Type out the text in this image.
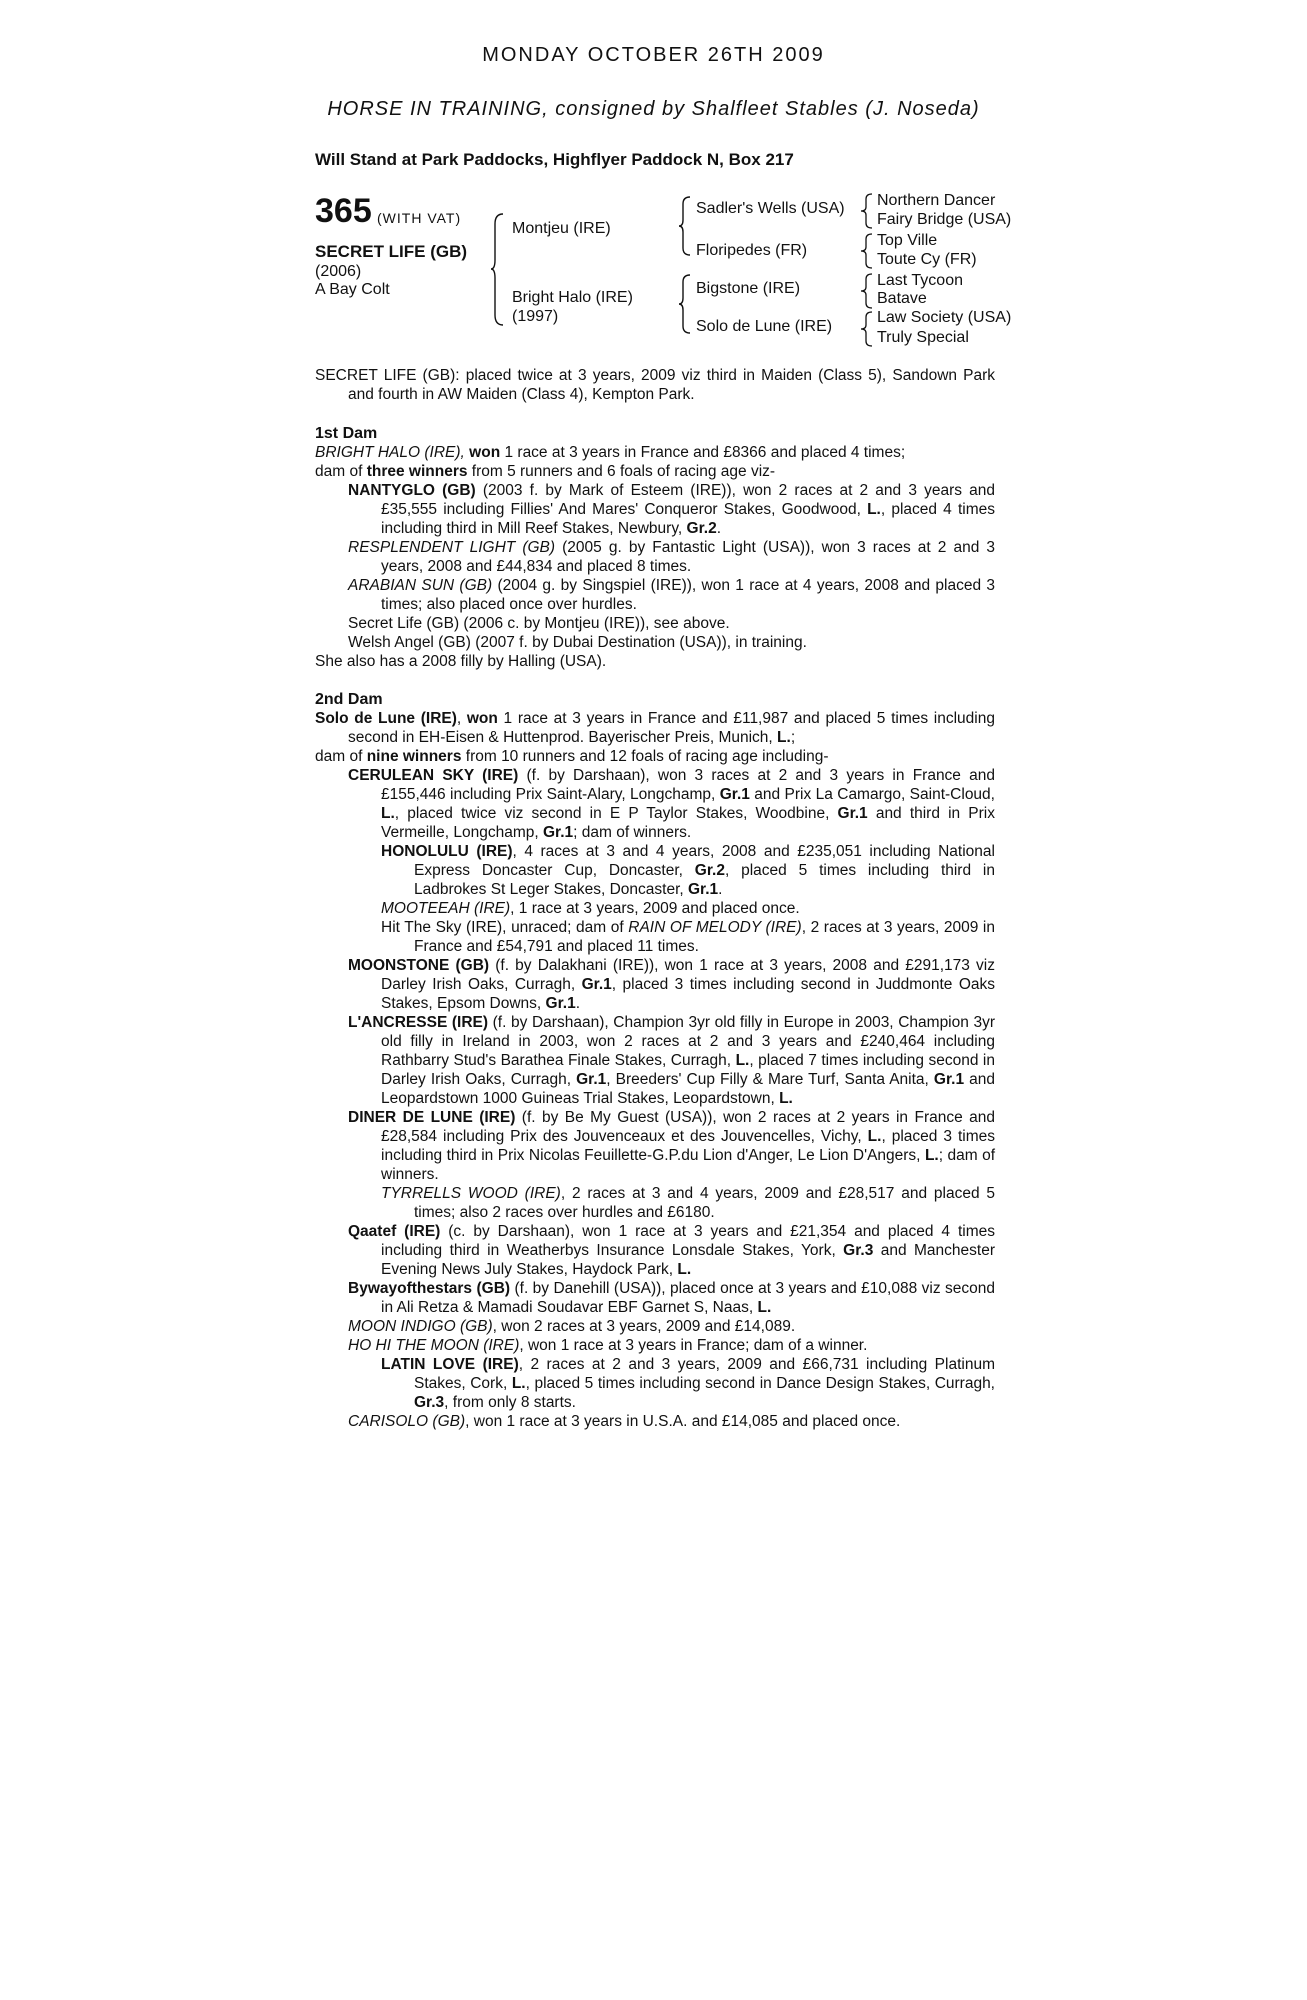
MONDAY OCTOBER 26TH 2009
HORSE IN TRAINING, consigned by Shalfleet Stables (J. Noseda)
Will Stand at Park Paddocks, Highflyer Paddock N, Box 217
365 (WITH VAT)
SECRET LIFE (GB)
(2006)
A Bay Colt
Montjeu (IRE)
Bright Halo (IRE)
(1997)
Sadler's Wells (USA)
Floripedes (FR)
Bigstone (IRE)
Solo de Lune (IRE)
Northern Dancer
Fairy Bridge (USA)
Top Ville
Toute Cy (FR)
Last Tycoon
Batave
Law Society (USA)
Truly Special

SECRET LIFE (GB): placed twice at 3 years, 2009 viz third in Maiden (Class 5), Sandown Park and fourth in AW Maiden (Class 4), Kempton Park.

1st Dam

BRIGHT HALO (IRE), won 1 race at 3 years in France and £8366 and placed 4 times;

dam of three winners from 5 runners and 6 foals of racing age viz-

NANTYGLO (GB) (2003 f. by Mark of Esteem (IRE)), won 2 races at 2 and 3 years and £35,555 including Fillies' And Mares' Conqueror Stakes, Goodwood, L., placed 4 times including third in Mill Reef Stakes, Newbury, Gr.2.

RESPLENDENT LIGHT (GB) (2005 g. by Fantastic Light (USA)), won 3 races at 2 and 3 years, 2008 and £44,834 and placed 8 times.

ARABIAN SUN (GB) (2004 g. by Singspiel (IRE)), won 1 race at 4 years, 2008 and placed 3 times; also placed once over hurdles.

Secret Life (GB) (2006 c. by Montjeu (IRE)), see above.

Welsh Angel (GB) (2007 f. by Dubai Destination (USA)), in training.

She also has a 2008 filly by Halling (USA).

2nd Dam

Solo de Lune (IRE), won 1 race at 3 years in France and £11,987 and placed 5 times including second in EH-Eisen & Huttenprod. Bayerischer Preis, Munich, L.;

dam of nine winners from 10 runners and 12 foals of racing age including-

CERULEAN SKY (IRE) (f. by Darshaan), won 3 races at 2 and 3 years in France and £155,446 including Prix Saint-Alary, Longchamp, Gr.1 and Prix La Camargo, Saint-Cloud, L., placed twice viz second in E P Taylor Stakes, Woodbine, Gr.1 and third in Prix Vermeille, Longchamp, Gr.1; dam of winners.

HONOLULU (IRE), 4 races at 3 and 4 years, 2008 and £235,051 including National Express Doncaster Cup, Doncaster, Gr.2, placed 5 times including third in Ladbrokes St Leger Stakes, Doncaster, Gr.1.

MOOTEEAH (IRE), 1 race at 3 years, 2009 and placed once.

Hit The Sky (IRE), unraced; dam of RAIN OF MELODY (IRE), 2 races at 3 years, 2009 in France and £54,791 and placed 11 times.

MOONSTONE (GB) (f. by Dalakhani (IRE)), won 1 race at 3 years, 2008 and £291,173 viz Darley Irish Oaks, Curragh, Gr.1, placed 3 times including second in Juddmonte Oaks Stakes, Epsom Downs, Gr.1.

L'ANCRESSE (IRE) (f. by Darshaan), Champion 3yr old filly in Europe in 2003, Champion 3yr old filly in Ireland in 2003, won 2 races at 2 and 3 years and £240,464 including Rathbarry Stud's Barathea Finale Stakes, Curragh, L., placed 7 times including second in Darley Irish Oaks, Curragh, Gr.1, Breeders' Cup Filly & Mare Turf, Santa Anita, Gr.1 and Leopardstown 1000 Guineas Trial Stakes, Leopardstown, L.

DINER DE LUNE (IRE) (f. by Be My Guest (USA)), won 2 races at 2 years in France and £28,584 including Prix des Jouvenceaux et des Jouvencelles, Vichy, L., placed 3 times including third in Prix Nicolas Feuillette-G.P.du Lion d'Anger, Le Lion D'Angers, L.; dam of winners.

TYRRELLS WOOD (IRE), 2 races at 3 and 4 years, 2009 and £28,517 and placed 5 times; also 2 races over hurdles and £6180.

Qaatef (IRE) (c. by Darshaan), won 1 race at 3 years and £21,354 and placed 4 times including third in Weatherbys Insurance Lonsdale Stakes, York, Gr.3 and Manchester Evening News July Stakes, Haydock Park, L.

Bywayofthestars (GB) (f. by Danehill (USA)), placed once at 3 years and £10,088 viz second in Ali Retza & Mamadi Soudavar EBF Garnet S, Naas, L.

MOON INDIGO (GB), won 2 races at 3 years, 2009 and £14,089.

HO HI THE MOON (IRE), won 1 race at 3 years in France; dam of a winner.

LATIN LOVE (IRE), 2 races at 2 and 3 years, 2009 and £66,731 including Platinum Stakes, Cork, L., placed 5 times including second in Dance Design Stakes, Curragh, Gr.3, from only 8 starts.

CARISOLO (GB), won 1 race at 3 years in U.S.A. and £14,085 and placed once.
